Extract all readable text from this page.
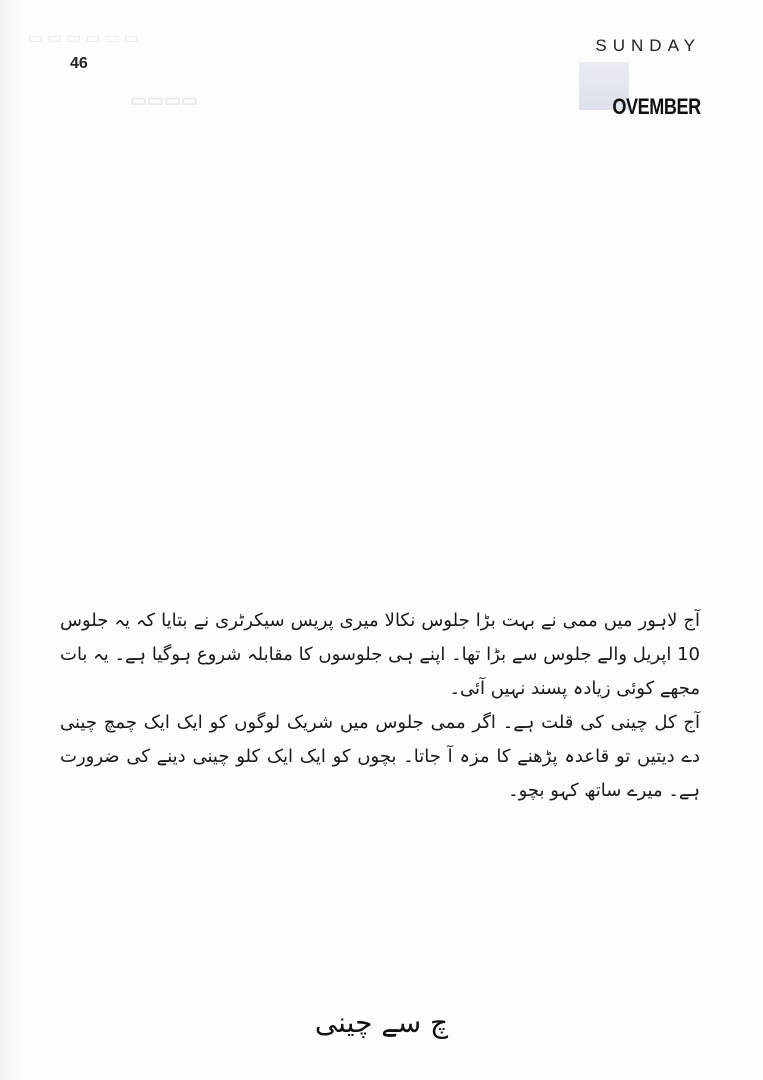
▭▭▭▭▭▭
▭▭▭▭
46
SUNDAY
OVEMBER

آج لاہور میں ممی نے بہت بڑا جلوس نکالا میری پریس سیکرٹری نے بتایا کہ یہ جلوس 10 اپریل والے جلوس سے بڑا تھا۔ اپنے ہی جلوسوں کا مقابلہ شروع ہوگیا ہے۔ یہ بات مجھے کوئی زیادہ پسند نہیں آئی۔

آج کل چینی کی قلت ہے۔ اگر ممی جلوس میں شریک لوگوں کو ایک ایک چمچ چینی دے دیتیں تو قاعدہ پڑھنے کا مزہ آ جاتا۔ بچوں کو ایک ایک کلو چینی دینے کی ضرورت ہے۔ میرے ساتھ کہو بچو۔

چ سے چینی
